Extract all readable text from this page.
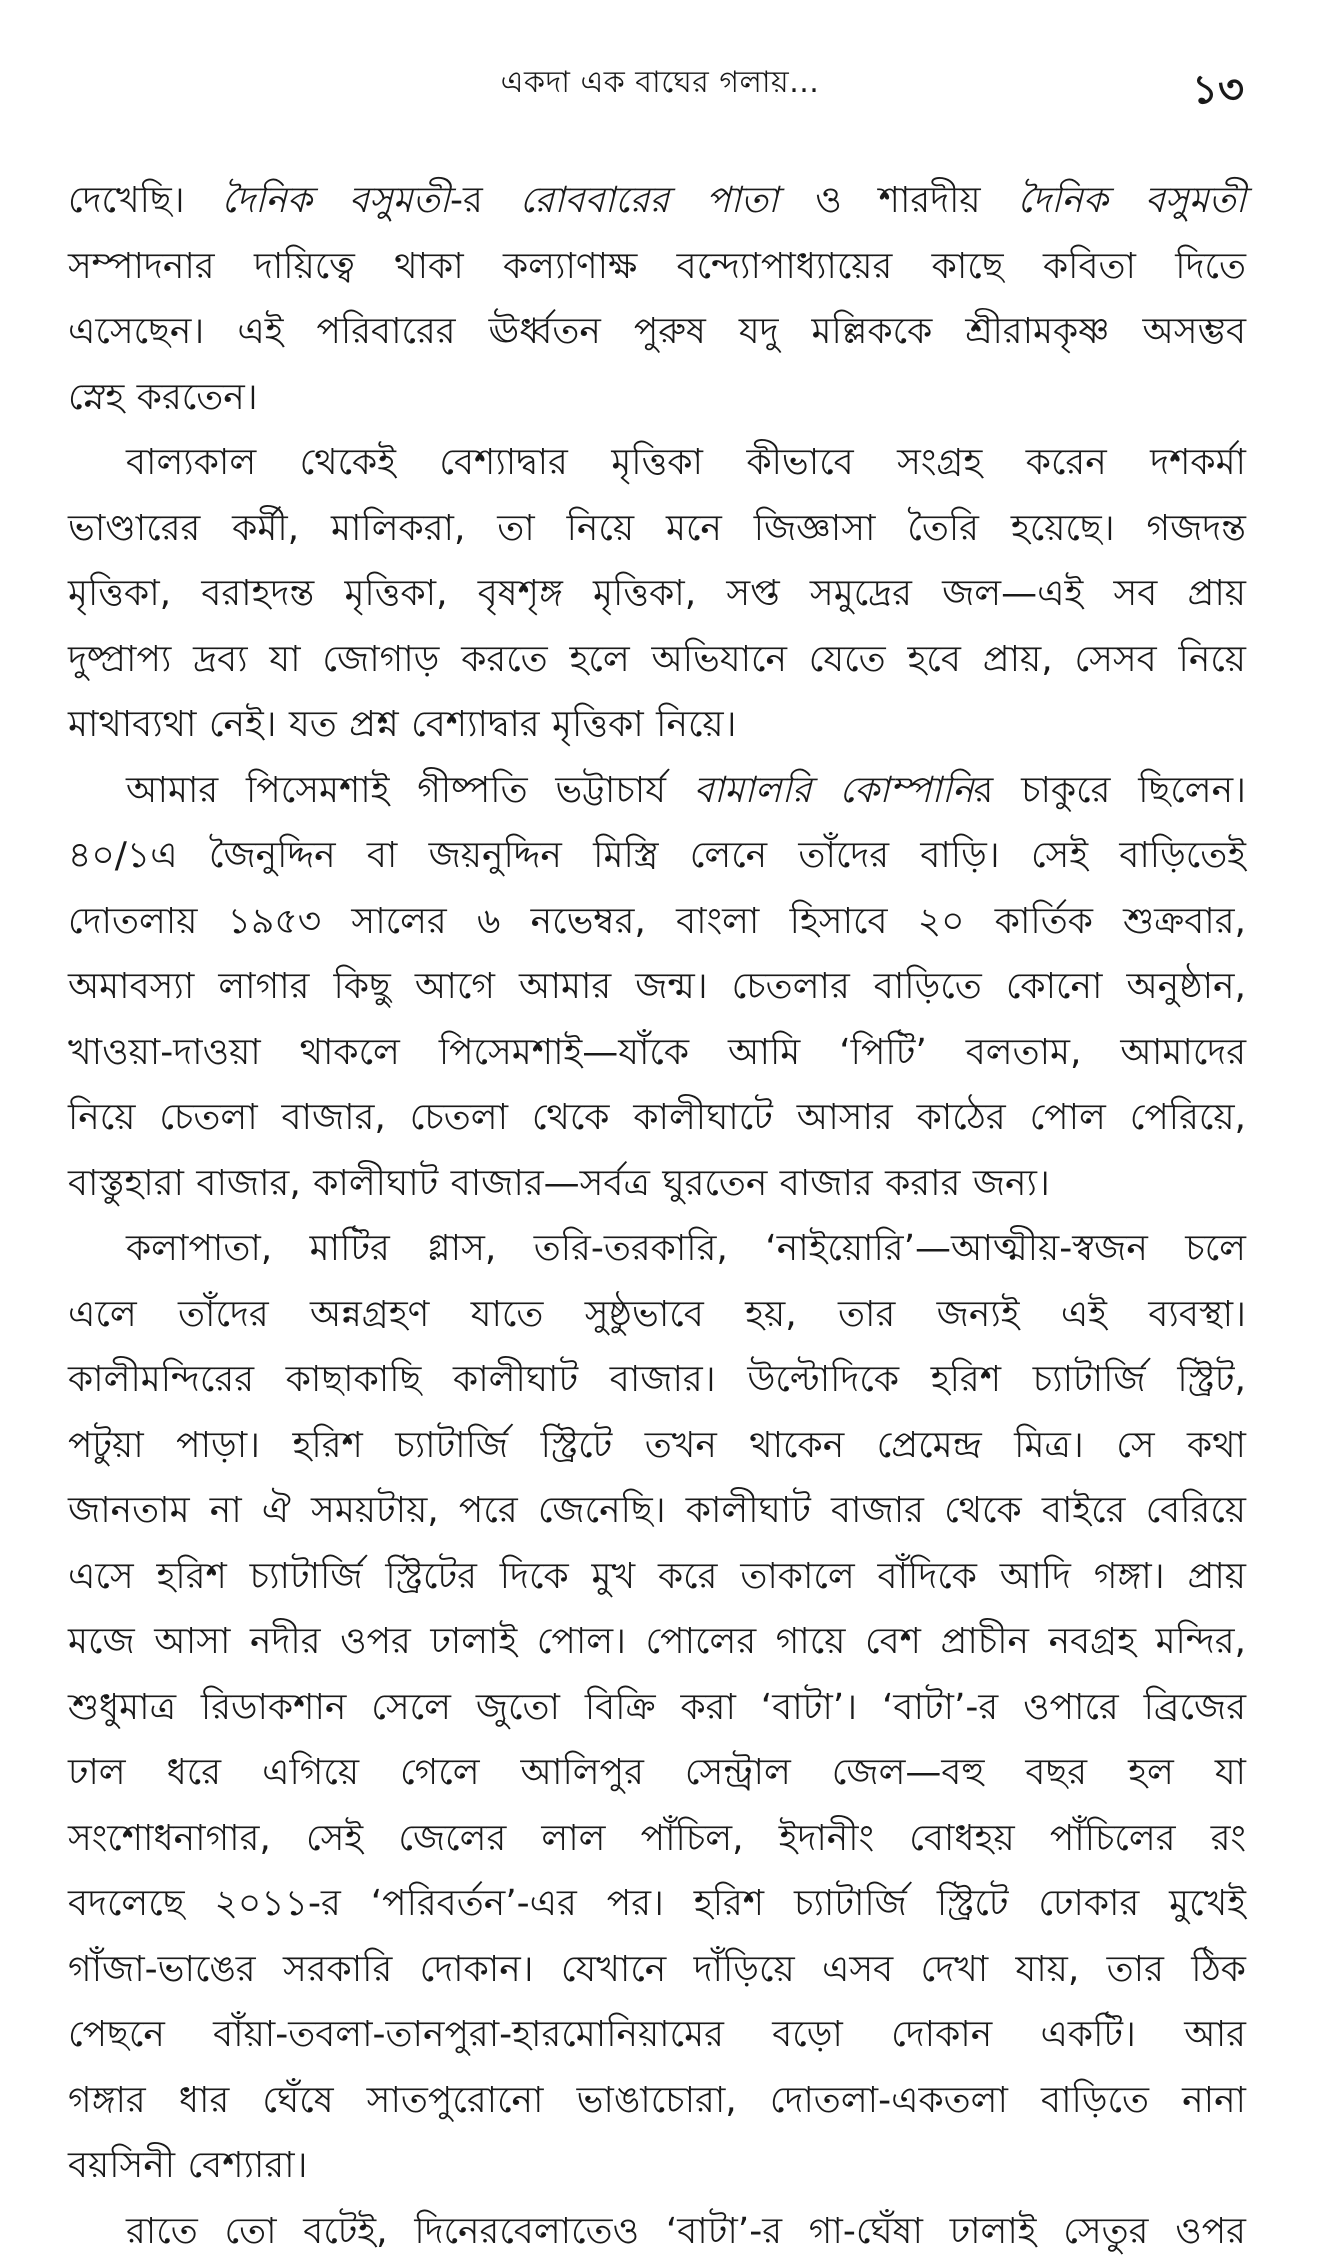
একদা এক বাঘের গলায়...	১৩
দেখেছি। দৈনিক বসুমতী-র রোববারের পাতা ও শারদীয় দৈনিক বসুমতী
সম্পাদনার দায়িত্বে থাকা কল্যাণাক্ষ বন্দ্যোপাধ্যায়ের কাছে কবিতা দিতে
এসেছেন। এই পরিবারের ঊর্ধ্বতন পুরুষ যদু মল্লিককে শ্রীরামকৃষ্ণ অসম্ভব
স্নেহ করতেন।
বাল্যকাল থেকেই বেশ্যাদ্বার মৃত্তিকা কীভাবে সংগ্রহ করেন দশকর্মা
ভাণ্ডারের কর্মী, মালিকরা, তা নিয়ে মনে জিজ্ঞাসা তৈরি হয়েছে। গজদন্ত
মৃত্তিকা, বরাহদন্ত মৃত্তিকা, বৃষশৃঙ্গ মৃত্তিকা, সপ্ত সমুদ্রের জল—এই সব প্রায়
দুষ্প্রাপ্য দ্রব্য যা জোগাড় করতে হলে অভিযানে যেতে হবে প্রায়, সেসব নিয়ে
মাথাব্যথা নেই। যত প্রশ্ন বেশ্যাদ্বার মৃত্তিকা নিয়ে।
আমার পিসেমশাই গীষ্পতি ভট্টাচার্য বামালরি কোম্পানির চাকুরে ছিলেন।
৪০/১এ জৈনুদ্দিন বা জয়নুদ্দিন মিস্ত্রি লেনে তাঁদের বাড়ি। সেই বাড়িতেই
দোতলায় ১৯৫৩ সালের ৬ নভেম্বর, বাংলা হিসাবে ২০ কার্তিক শুক্রবার,
অমাবস্যা লাগার কিছু আগে আমার জন্ম। চেতলার বাড়িতে কোনো অনুষ্ঠান,
খাওয়া-দাওয়া থাকলে পিসেমশাই—যাঁকে আমি ‘পিটি’ বলতাম, আমাদের
নিয়ে চেতলা বাজার, চেতলা থেকে কালীঘাটে আসার কাঠের পোল পেরিয়ে,
বাস্তুহারা বাজার, কালীঘাট বাজার—সর্বত্র ঘুরতেন বাজার করার জন্য।
কলাপাতা, মাটির গ্লাস, তরি-তরকারি, ‘নাইয়োরি’—আত্মীয়-স্বজন চলে
এলে তাঁদের অন্নগ্রহণ যাতে সুষ্ঠুভাবে হয়, তার জন্যই এই ব্যবস্থা।
কালীমন্দিরের কাছাকাছি কালীঘাট বাজার। উল্টোদিকে হরিশ চ্যাটার্জি স্ট্রিট,
পটুয়া পাড়া। হরিশ চ্যাটার্জি স্ট্রিটে তখন থাকেন প্রেমেন্দ্র মিত্র। সে কথা
জানতাম না ঐ সময়টায়, পরে জেনেছি। কালীঘাট বাজার থেকে বাইরে বেরিয়ে
এসে হরিশ চ্যাটার্জি স্ট্রিটের দিকে মুখ করে তাকালে বাঁদিকে আদি গঙ্গা। প্রায়
মজে আসা নদীর ওপর ঢালাই পোল। পোলের গায়ে বেশ প্রাচীন নবগ্রহ মন্দির,
শুধুমাত্র রিডাকশান সেলে জুতো বিক্রি করা ‘বাটা’। ‘বাটা’-র ওপারে ব্রিজের
ঢাল ধরে এগিয়ে গেলে আলিপুর সেন্ট্রাল জেল—বহু বছর হল যা
সংশোধনাগার, সেই জেলের লাল পাঁচিল, ইদানীং বোধহয় পাঁচিলের রং
বদলেছে ২০১১-র ‘পরিবর্তন’-এর পর। হরিশ চ্যাটার্জি স্ট্রিটে ঢোকার মুখেই
গাঁজা-ভাঙের সরকারি দোকান। যেখানে দাঁড়িয়ে এসব দেখা যায়, তার ঠিক
পেছনে বাঁয়া-তবলা-তানপুরা-হারমোনিয়ামের বড়ো দোকান একটি। আর
গঙ্গার ধার ঘেঁষে সাতপুরোনো ভাঙাচোরা, দোতলা-একতলা বাড়িতে নানা
বয়সিনী বেশ্যারা।
রাতে তো বটেই, দিনেরবেলাতেও ‘বাটা’-র গা-ঘেঁষা ঢালাই সেতুর ওপর
